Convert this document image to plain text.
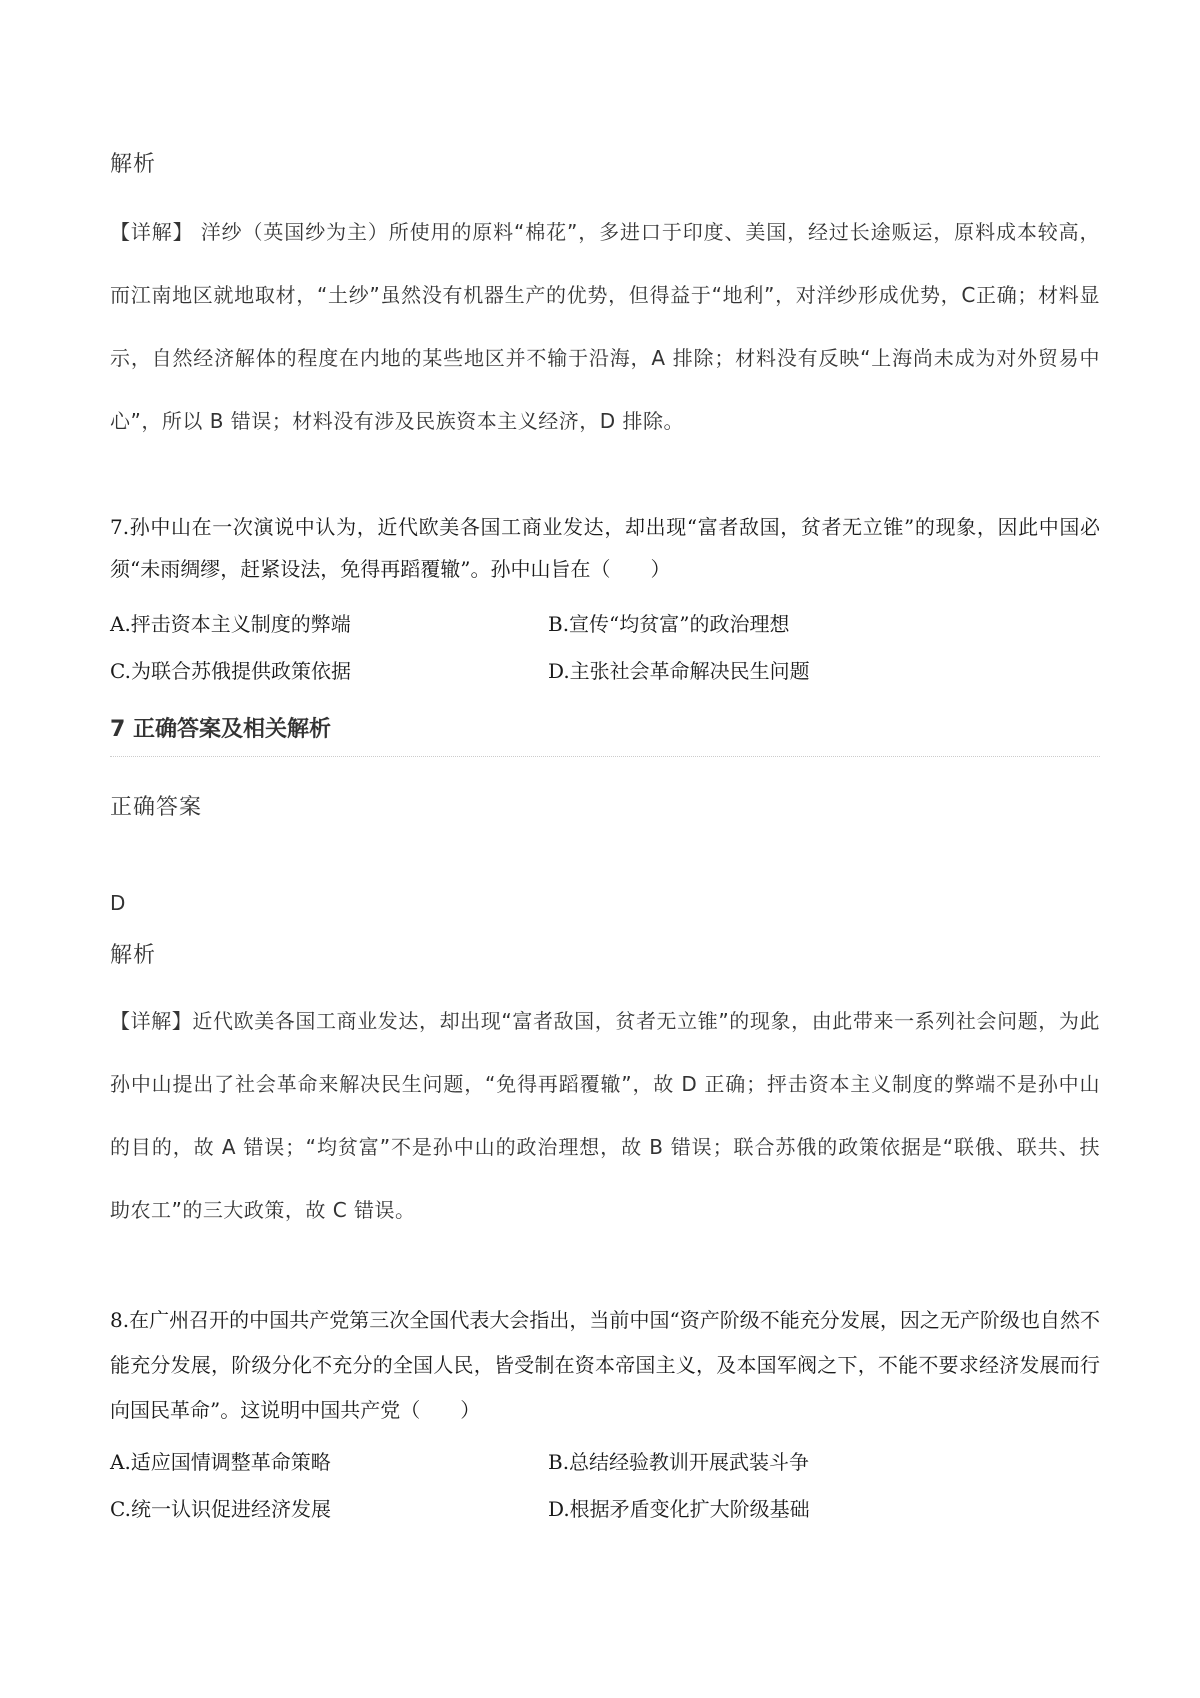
解析
【详解】 洋纱（英国纱为主）所使用的原料“棉花”，多进口于印度、美国，经过长途贩运，原料成本较高，而江南地区就地取材，“土纱”虽然没有机器生产的优势，但得益于“地利”，对洋纱形成优势，C正确；材料显示，自然经济解体的程度在内地的某些地区并不输于沿海，A 排除；材料没有反映“上海尚未成为对外贸易中心”，所以 B 错误；材料没有涉及民族资本主义经济，D 排除。
7.孙中山在一次演说中认为，近代欧美各国工商业发达，却出现“富者敌国，贫者无立锥”的现象，因此中国必须“未雨绸缪，赶紧设法，免得再蹈覆辙”。孙中山旨在（　　）
A.抨击资本主义制度的弊端	B.宣传“均贫富”的政治理想
C.为联合苏俄提供政策依据	D.主张社会革命解决民生问题
7 正确答案及相关解析
正确答案
D
解析
【详解】近代欧美各国工商业发达，却出现“富者敌国，贫者无立锥”的现象，由此带来一系列社会问题，为此孙中山提出了社会革命来解决民生问题，“免得再蹈覆辙”，故 D 正确；抨击资本主义制度的弊端不是孙中山的目的，故 A 错误；“均贫富”不是孙中山的政治理想，故 B 错误；联合苏俄的政策依据是“联俄、联共、扶助农工”的三大政策，故 C 错误。
8.在广州召开的中国共产党第三次全国代表大会指出，当前中国“资产阶级不能充分发展，因之无产阶级也自然不能充分发展，阶级分化不充分的全国人民，皆受制在资本帝国主义，及本国军阀之下，不能不要求经济发展而行向国民革命”。这说明中国共产党（　　）
A.适应国情调整革命策略	B.总结经验教训开展武装斗争
C.统一认识促进经济发展	D.根据矛盾变化扩大阶级基础
